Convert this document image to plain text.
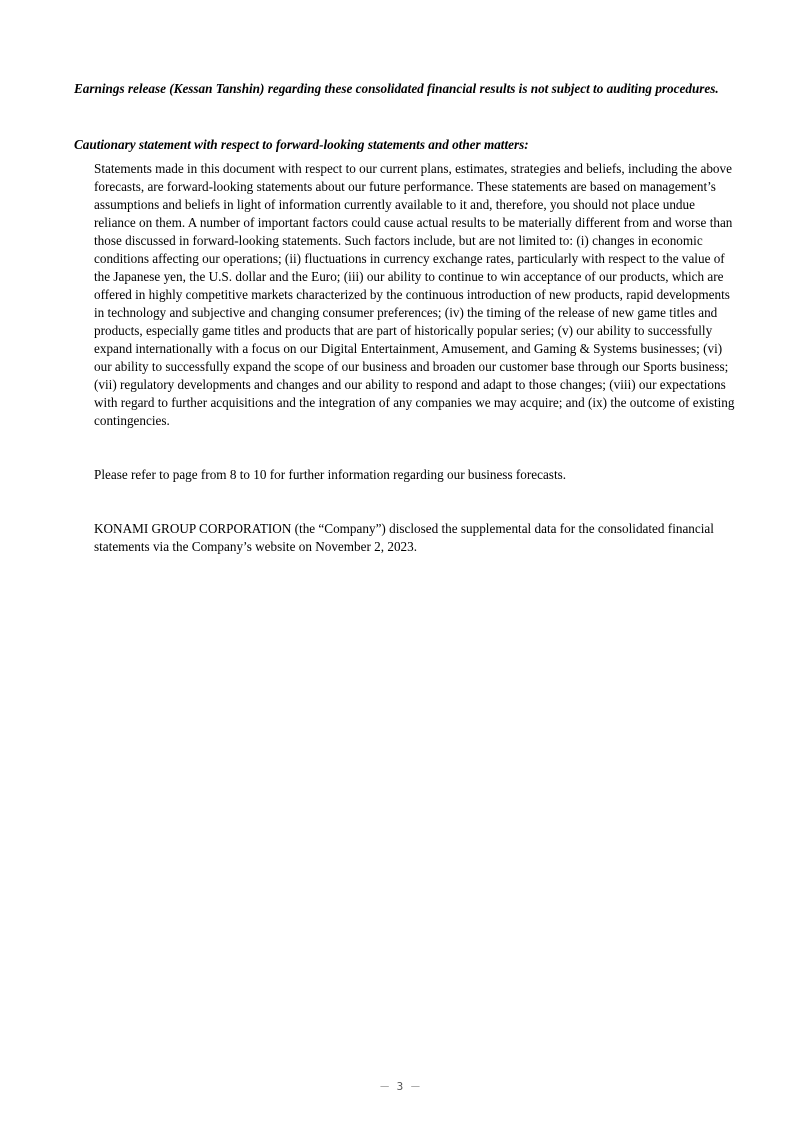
Earnings release (Kessan Tanshin) regarding these consolidated financial results is not subject to auditing procedures.
Cautionary statement with respect to forward-looking statements and other matters:

Statements made in this document with respect to our current plans, estimates, strategies and beliefs, including the above forecasts, are forward-looking statements about our future performance. These statements are based on management’s assumptions and beliefs in light of information currently available to it and, therefore, you should not place undue reliance on them. A number of important factors could cause actual results to be materially different from and worse than those discussed in forward-looking statements. Such factors include, but are not limited to: (i) changes in economic conditions affecting our operations; (ii) fluctuations in currency exchange rates, particularly with respect to the value of the Japanese yen, the U.S. dollar and the Euro; (iii) our ability to continue to win acceptance of our products, which are offered in highly competitive markets characterized by the continuous introduction of new products, rapid developments in technology and subjective and changing consumer preferences; (iv) the timing of the release of new game titles and products, especially game titles and products that are part of historically popular series; (v) our ability to successfully expand internationally with a focus on our Digital Entertainment, Amusement, and Gaming & Systems businesses; (vi) our ability to successfully expand the scope of our business and broaden our customer base through our Sports business; (vii) regulatory developments and changes and our ability to respond and adapt to those changes; (viii) our expectations with regard to further acquisitions and the integration of any companies we may acquire; and (ix) the outcome of existing contingencies.

Please refer to page from 8 to 10 for further information regarding our business forecasts.

KONAMI GROUP CORPORATION (the “Company”) disclosed the supplemental data for the consolidated financial statements via the Company’s website on November 2, 2023.

－ 3 －
